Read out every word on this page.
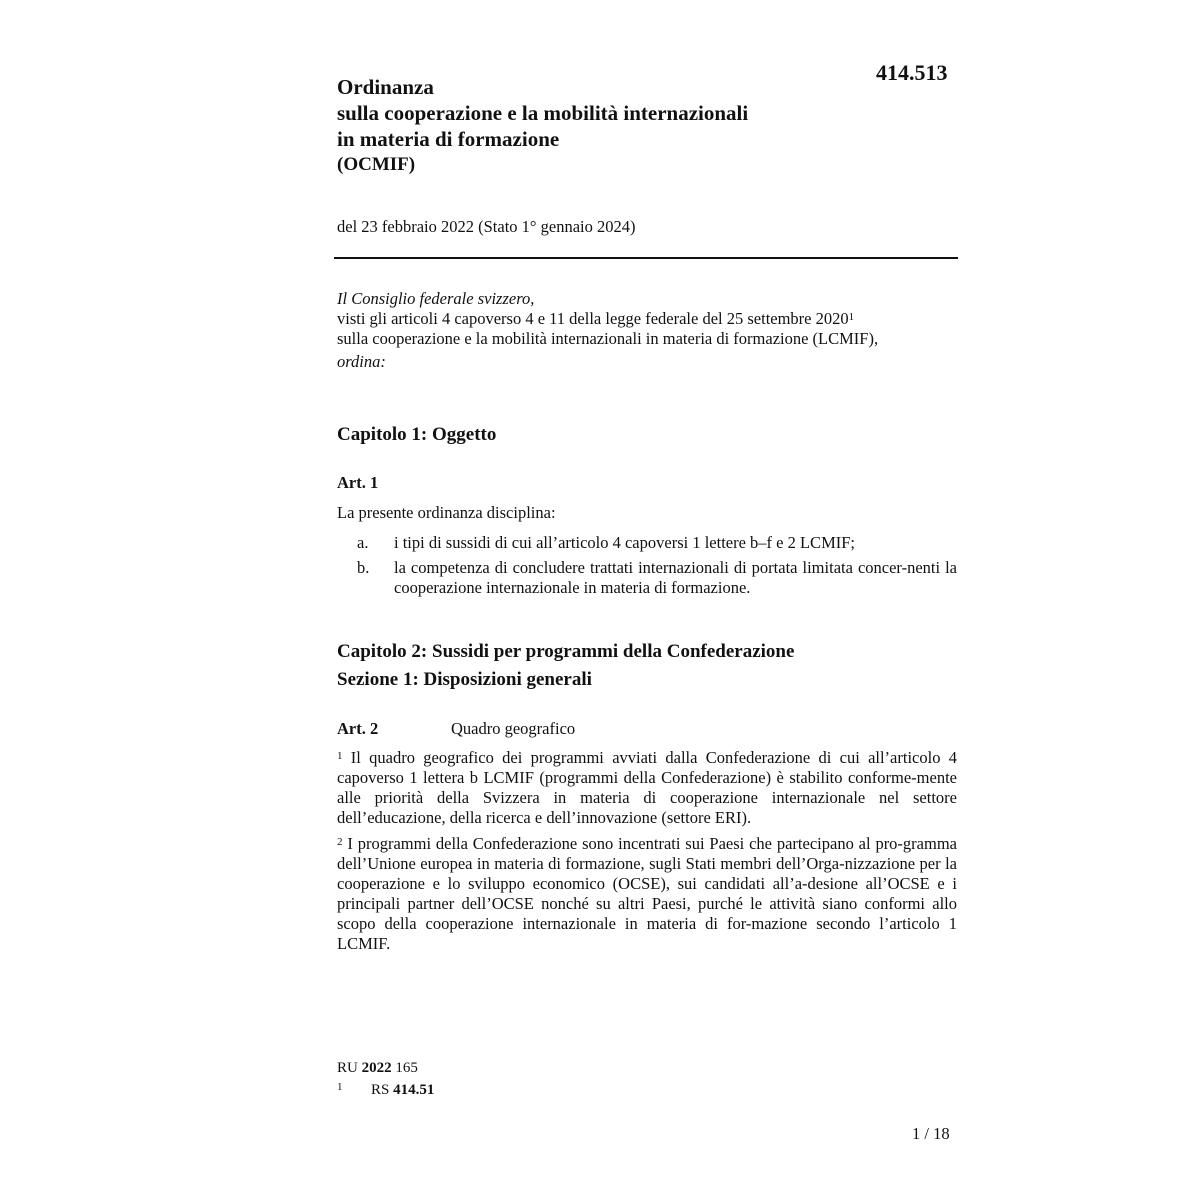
414.513
Ordinanza
sulla cooperazione e la mobilità internazionali
in materia di formazione
(OCMIF)
del 23 febbraio 2022 (Stato 1° gennaio 2024)
Il Consiglio federale svizzero,
visti gli articoli 4 capoverso 4 e 11 della legge federale del 25 settembre 2020$^1$
sulla cooperazione e la mobilità internazionali in materia di formazione (LCMIF),
ordina:
Capitolo 1: Oggetto
Art. 1
La presente ordinanza disciplina:
a. i tipi di sussidi di cui all’articolo 4 capoversi 1 lettere b–f e 2 LCMIF;
b. la competenza di concludere trattati internazionali di portata limitata concer-nenti la cooperazione internazionale in materia di formazione.
Capitolo 2: Sussidi per programmi della Confederazione
Sezione 1: Disposizioni generali
Art. 2	Quadro geografico
$^1$ Il quadro geografico dei programmi avviati dalla Confederazione di cui all’articolo 4 capoverso 1 lettera b LCMIF (programmi della Confederazione) è stabilito conforme-mente alle priorità della Svizzera in materia di cooperazione internazionale nel settore dell’educazione, della ricerca e dell’innovazione (settore ERI).
$^2$ I programmi della Confederazione sono incentrati sui Paesi che partecipano al pro-gramma dell’Unione europea in materia di formazione, sugli Stati membri dell’Orga-nizzazione per la cooperazione e lo sviluppo economico (OCSE), sui candidati all’a-desione all’OCSE e i principali partner dell’OCSE nonché su altri Paesi, purché le attività siano conformi allo scopo della cooperazione internazionale in materia di for-mazione secondo l’articolo 1 LCMIF.
RU 2022 165
$^1$ RS 414.51
1 / 18
